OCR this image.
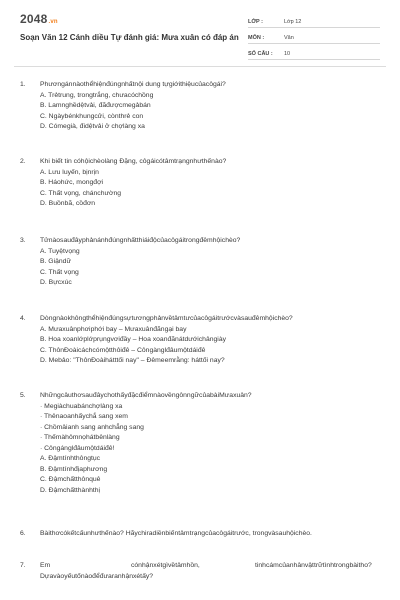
2048.vn
Soạn Văn 12 Cánh diều Tự đánh giá: Mưa xuân có đáp án
LỚP :	Lớp 12
MÔN :	Văn
SỐ CÂU :	10
1.	Phươngánnàothểhiệnđúngnhấtnội dung tựgiớithiệucủacôgái?
A. Trẻtrung, trongtrắng, chưacóchồng
B. Lamnghềdệtvải, đãđượcmegảbán
C. Ngàybénkhungcửi, cònthrẻ con
D. Cómegià, đidệtvải ở chợlàng xa
2.	Khi biết tin cóhộichèolàng Đặng, côgáicótâmtrạngnhưthếnào?
A. Lưu luyến, bịnrịn
B. Háohức, mongđợi
C. Thất vọng, chánchường
D. Buồnbã, cồđơn
3.	Tửnàosauđâyphảnánhđúngnhấtthiáiđộcủacôgáitrongđêmhộichèo?
A. Tuyệtvọng
B. Giậndữ
C. Thất vọng
D. Bựcxúc
4.	Dòngnàokhôngthểhiệnđúngsựtươngphảnvềtâmtưcủacôgáitrướcvàsauđêmhộichèo?
A. Mưaxuânphơiphới bay – Mưaxuânđãngại bay
B. Hoa xoanlớplớprụngvơiđầy – Hoa xoanđãnátdướichângiày
C. ThônĐoàicáchcómộtthôiđê – Côngànglđâumộtdáiđê
D. Mebảo: "ThônĐoàihátttối nay" – Đêmeemrằng: háttối nay?
5.	NhữngcâuthơsauđâychothấyđặcđiểmnàovềngônngữcủabàiMưaxuân?
· Megiàchuabánchợlàng xa
· Thênaoanhấychắ sang xem
· Chồmâianh sang anhchẳng sang
· Thếmàhômnọhátbênlàng
· Côngánglđâumộtdáiđê!
A. Đậmtínhthôngtục
B. Đậmtínhđịaphương
C. Đậmchấtthônquê
D. Đậmchấtthànhthị
6.	Bàithơcókếtcấunhưthếnào? Hãychiradiềnbiếntâmtrạngcủacôgáitrước, trongvàsauhộichèo.
7.	Em	cónhậnxétgìvềtâmhồn,	tinhcámcủanhânvậttrữtìnhtrongbàitho?
Dựavàoyếutốnàođểđưaranhậnxétấy?
